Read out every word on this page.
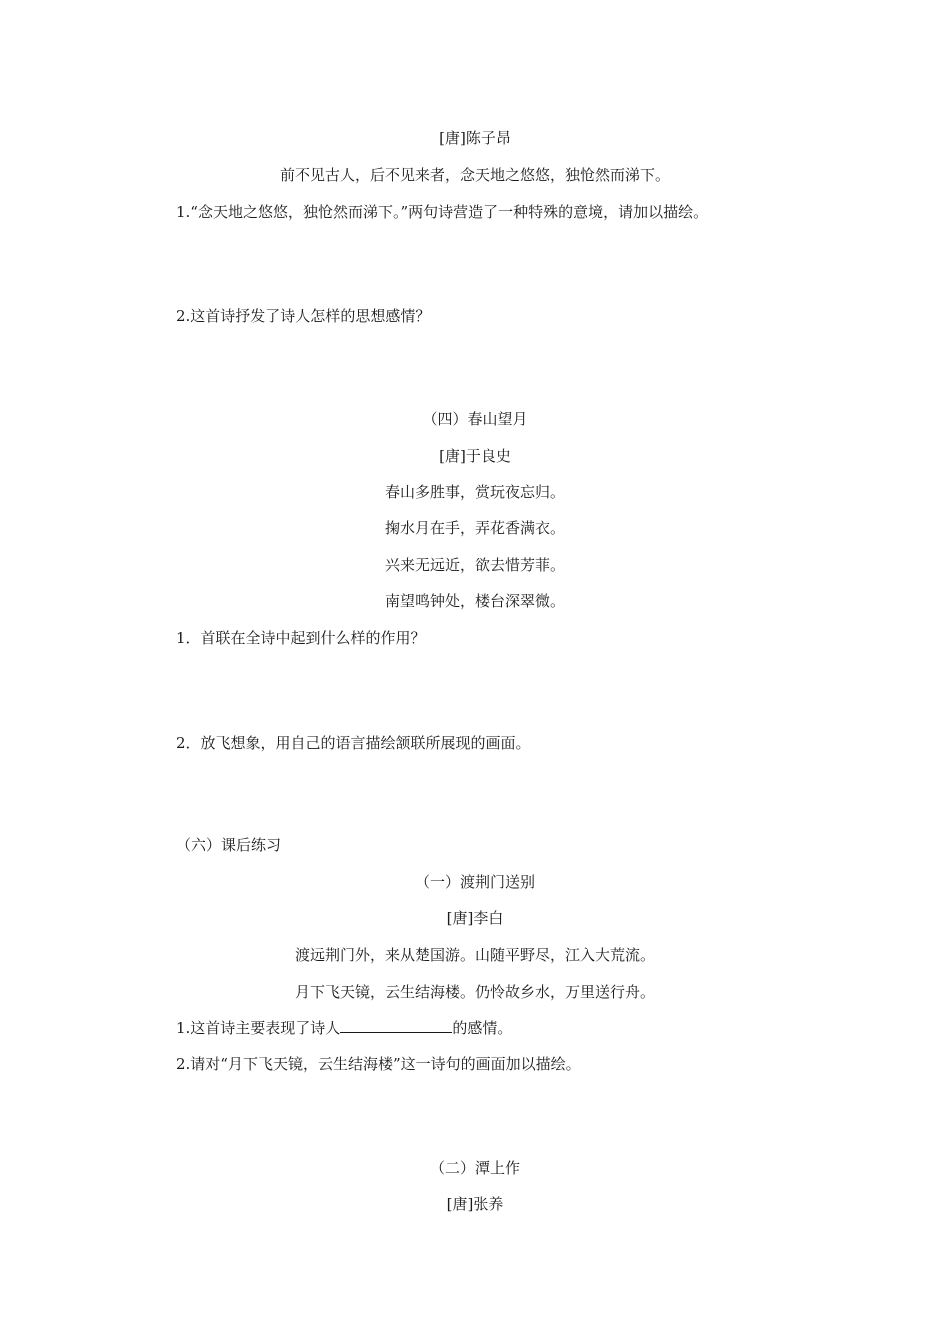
[唐]陈子昂
前不见古人，后不见来者，念天地之悠悠，独怆然而涕下。
1.“念天地之悠悠，独怆然而涕下。”两句诗营造了一种特殊的意境，请加以描绘。
2.这首诗抒发了诗人怎样的思想感情？
（四）春山望月
[唐]于良史
春山多胜事，赏玩夜忘归。
掬水月在手，弄花香满衣。
兴来无远近，欲去惜芳菲。
南望鸣钟处，楼台深翠微。
1．首联在全诗中起到什么样的作用？
2．放飞想象，用自己的语言描绘颔联所展现的画面。
（六）课后练习
（一）渡荆门送别
[唐]李白
渡远荆门外，来从楚国游。山随平野尽，江入大荒流。
月下飞天镜，云生结海楼。仍怜故乡水，万里送行舟。
1.这首诗主要表现了诗人	的感情。
2.请对“月下飞天镜，云生结海楼”这一诗句的画面加以描绘。
（二）潭上作
[唐]张养
